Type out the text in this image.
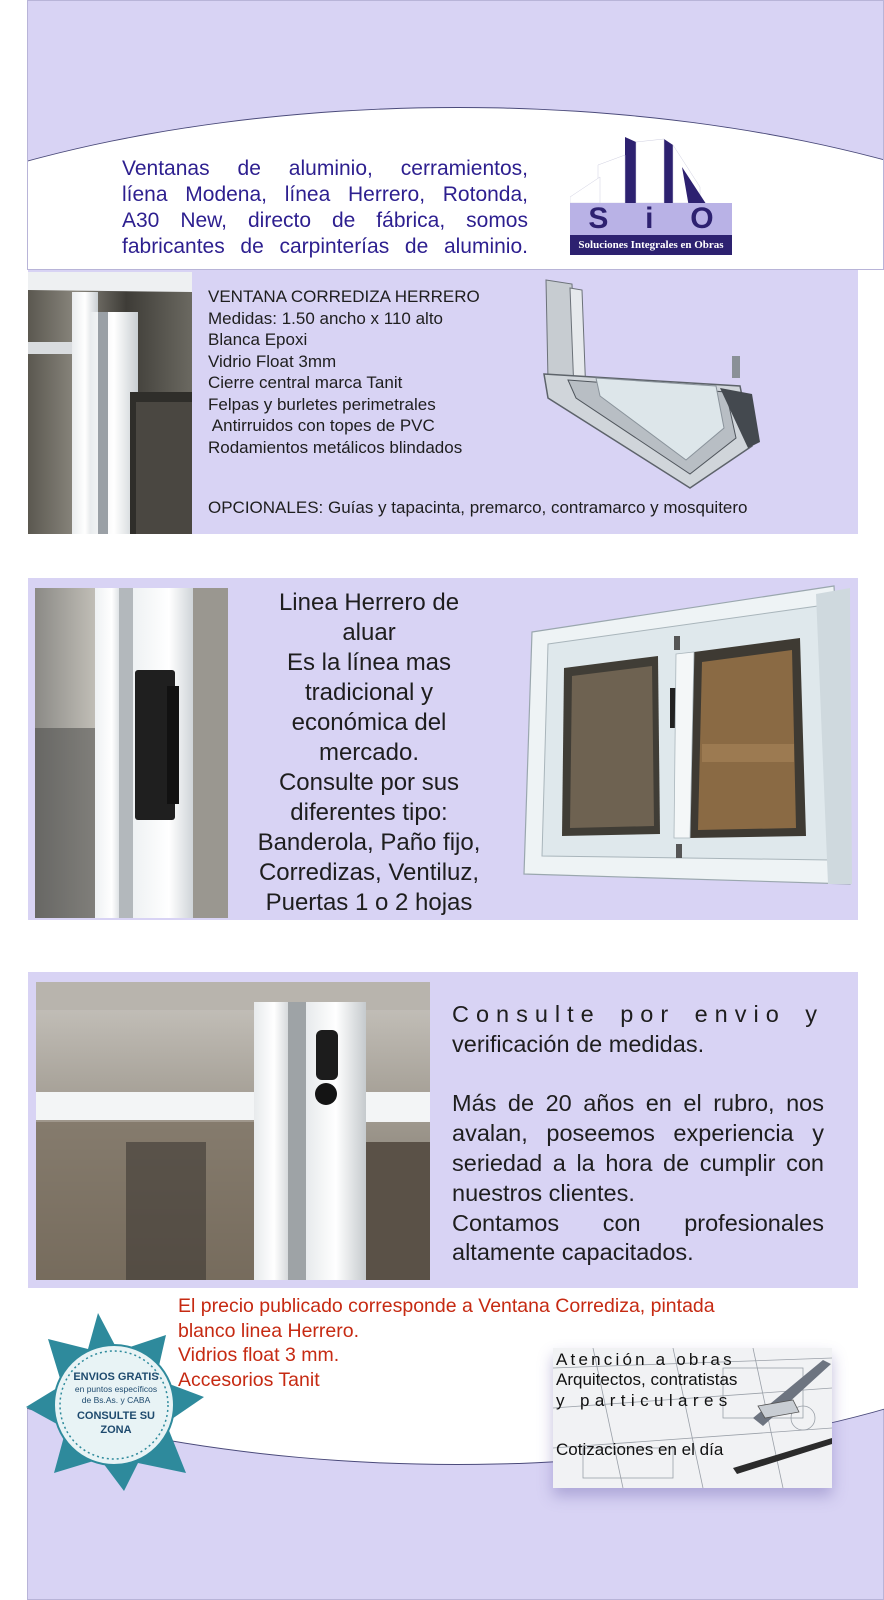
Ventanas de aluminio, cerramientos,
líena Modena, línea Herrero, Rotonda,
A30 New, directo de fábrica, somos
fabricantes de carpinterías de aluminio.
S i O
Soluciones Integrales en Obras
VENTANA CORREDIZA HERRERO
Medidas: 1.50 ancho x 110 alto
Blanca Epoxi
Vidrio Float 3mm
Cierre central marca Tanit
Felpas y burletes perimetrales
Antirruidos con topes de PVC
Rodamientos metálicos blindados
OPCIONALES: Guías y tapacinta, premarco, contramarco y mosquitero
Linea Herrero de
aluar
Es la línea mas
tradicional y
económica del
mercado.
Consulte por sus
diferentes tipo:
Banderola, Paño fijo,
Corredizas, Ventiluz,
Puertas 1 o 2 hojas
Consulte por envio y
verificación de medidas.
Más de 20 años en el rubro, nos avalan, poseemos experiencia y seriedad a la hora de cumplir con nuestros clientes.
Contamos con profesionales altamente capacitados.
El precio publicado corresponde a Ventana Corrediza, pintada
blanco linea Herrero.
Vidrios float 3 mm.
Accesorios Tanit
ENVIOS GRATIS
en puntos específicos
de Bs.As. y CABA
CONSULTE SU
ZONA
Atención a obras
Arquitectos, contratistas
y particulares
Cotizaciones en el día
